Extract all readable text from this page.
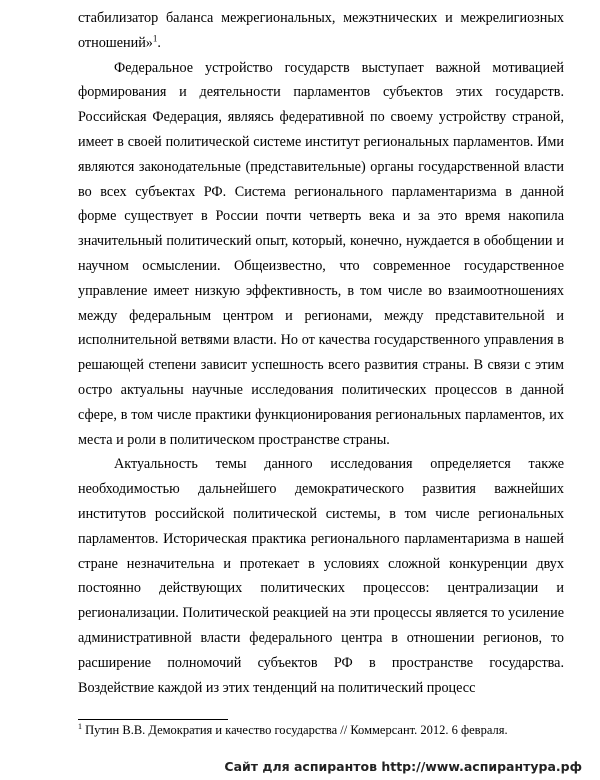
стабилизатор баланса межрегиональных, межэтнических и межрелигиозных отношений»$^1$.

Федеральное устройство государств выступает важной мотивацией формирования и деятельности парламентов субъектов этих государств. Российская Федерация, являясь федеративной по своему устройству страной, имеет в своей политической системе институт региональных парламентов. Ими являются законодательные (представительные) органы государственной власти во всех субъектах РФ. Система регионального парламентаризма в данной форме существует в России почти четверть века и за это время накопила значительный политический опыт, который, конечно, нуждается в обобщении и научном осмыслении. Общеизвестно, что современное государственное управление имеет низкую эффективность, в том числе во взаимоотношениях между федеральным центром и регионами, между представительной и исполнительной ветвями власти. Но от качества государственного управления в решающей степени зависит успешность всего развития страны. В связи с этим остро актуальны научные исследования политических процессов в данной сфере, в том числе практики функционирования региональных парламентов, их места и роли в политическом пространстве страны.

Актуальность темы данного исследования определяется также необходимостью дальнейшего демократического развития важнейших институтов российской политической системы, в том числе региональных парламентов. Историческая практика регионального парламентаризма в нашей стране незначительна и протекает в условиях сложной конкуренции двух постоянно действующих политических процессов: централизации и регионализации. Политической реакцией на эти процессы является то усиление административной власти федерального центра в отношении регионов, то расширение полномочий субъектов РФ в пространстве государства. Воздействие каждой из этих тенденций на политический процесс

$^1$ Путин В.В. Демократия и качество государства // Коммерсант. 2012. 6 февраля.
Сайт для аспирантов http://www.аспирантура.рф
